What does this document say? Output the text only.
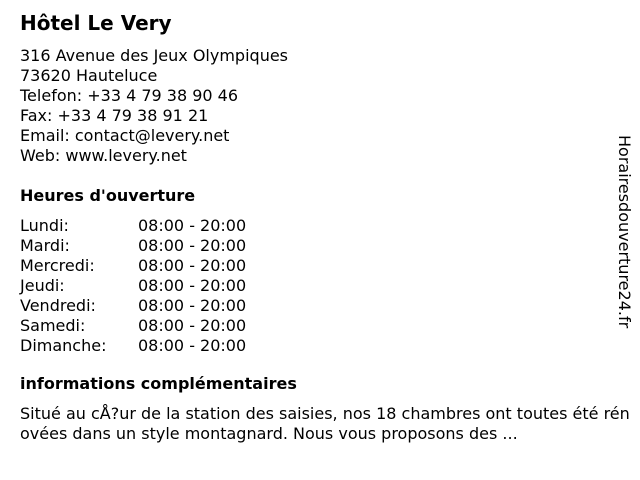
Hôtel Le Very
316 Avenue des Jeux Olympiques
73620 Hauteluce
Telefon: +33 4 79 38 90 46
Fax: +33 4 79 38 91 21
Email: contact@levery.net
Web: www.levery.net
Heures d'ouverture
Lundi:	08:00 - 20:00
Mardi:	08:00 - 20:00
Mercredi:	08:00 - 20:00
Jeudi:	08:00 - 20:00
Vendredi:	08:00 - 20:00
Samedi:	08:00 - 20:00
Dimanche:	08:00 - 20:00
informations complémentaires

Situé au cÅ?ur de la station des saisies, nos 18 chambres ont toutes été rénovées dans un style montagnard. Nous vous proposons des ...

Horairesdouverture24.fr
